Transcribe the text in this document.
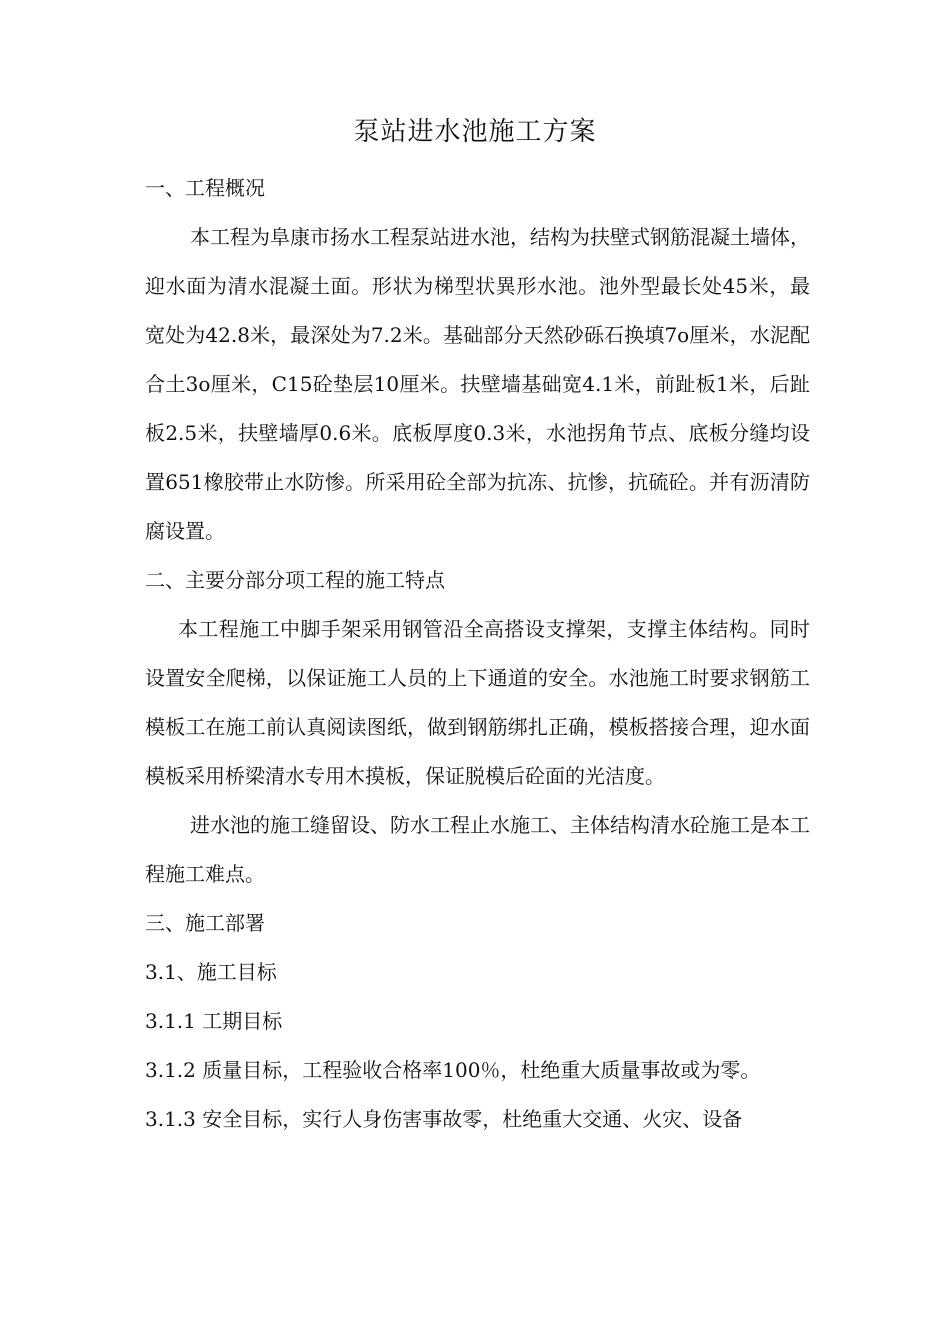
泵站进水池施工方案

一、工程概况

本工程为阜康市扬水工程泵站进水池，结构为扶壁式钢筋混凝土墙体，迎水面为清水混凝土面。形状为梯型状異形水池。池外型最长处45米，最宽处为42.8米，最深处为7.2米。基础部分天然砂砾石换填7o厘米，水泥配合土3o厘米，C15砼垫层10厘米。扶壁墙基础宽4.1米，前趾板1米，后趾板2.5米，扶壁墙厚0.6米。底板厚度0.3米，水池拐角节点、底板分缝均设置651橡胶带止水防惨。所采用砼全部为抗冻、抗惨，抗硫砼。并有沥清防腐设置。

二、主要分部分项工程的施工特点

本工程施工中脚手架采用钢管沿全高搭设支撑架，支撑主体结构。同时设置安全爬梯，以保证施工人员的上下通道的安全。水池施工时要求钢筋工模板工在施工前认真阅读图纸，做到钢筋绑扎正确，模板搭接合理，迎水面模板采用桥梁清水专用木摸板，保证脱模后砼面的光洁度。

进水池的施工缝留设、防水工程止水施工、主体结构清水砼施工是本工程施工难点。

三、施工部署

3.1、施工目标

3.1.1 工期目标

3.1.2 质量目标，工程验收合格率100％，杜绝重大质量事故或为零。

3.1.3 安全目标，实行人身伤害事故零，杜绝重大交通、火灾、设备
